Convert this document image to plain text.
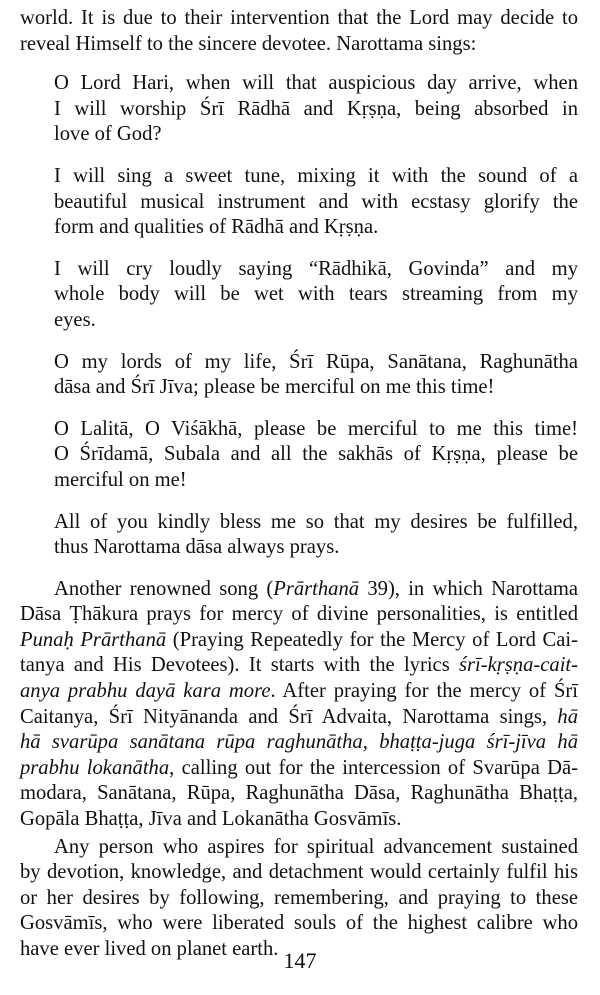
world. It is due to their intervention that the Lord may decide to
reveal Himself to the sincere devotee. Narottama sings:

O Lord Hari, when will that auspicious day arrive, when
I will worship Śrī Rādhā and Kṛṣṇa, being absorbed in
love of God?

I will sing a sweet tune, mixing it with the sound of a
beautiful musical instrument and with ecstasy glorify the
form and qualities of Rādhā and Kṛṣṇa.

I will cry loudly saying “Rādhikā, Govinda” and my
whole body will be wet with tears streaming from my
eyes.

O my lords of my life, Śrī Rūpa, Sanātana, Raghunātha
dāsa and Śrī Jīva; please be merciful on me this time!

O Lalitā, O Viśākhā, please be merciful to me this time!
O Śrīdamā, Subala and all the sakhās of Kṛṣṇa, please be
merciful on me!

All of you kindly bless me so that my desires be fulfilled,
thus Narottama dāsa always prays.

Another renowned song (Prārthanā 39), in which Narottama
Dāsa Ṭhākura prays for mercy of divine personalities, is entitled
Punaḥ Prārthanā (Praying Repeatedly for the Mercy of Lord Cai-
tanya and His Devotees). It starts with the lyrics śrī-kṛṣṇa-cait-
anya prabhu dayā kara more. After praying for the mercy of Śrī
Caitanya, Śrī Nityānanda and Śrī Advaita, Narottama sings, hā
hā svarūpa sanātana rūpa raghunātha, bhaṭṭa-juga śrī-jīva hā
prabhu lokanātha, calling out for the intercession of Svarūpa Dā-
modara, Sanātana, Rūpa, Raghunātha Dāsa, Raghunātha Bhaṭṭa,
Gopāla Bhaṭṭa, Jīva and Lokanātha Gosvāmīs.

Any person who aspires for spiritual advancement sustained
by devotion, knowledge, and detachment would certainly fulfil his
or her desires by following, remembering, and praying to these
Gosvāmīs, who were liberated souls of the highest calibre who
have ever lived on planet earth. 147
